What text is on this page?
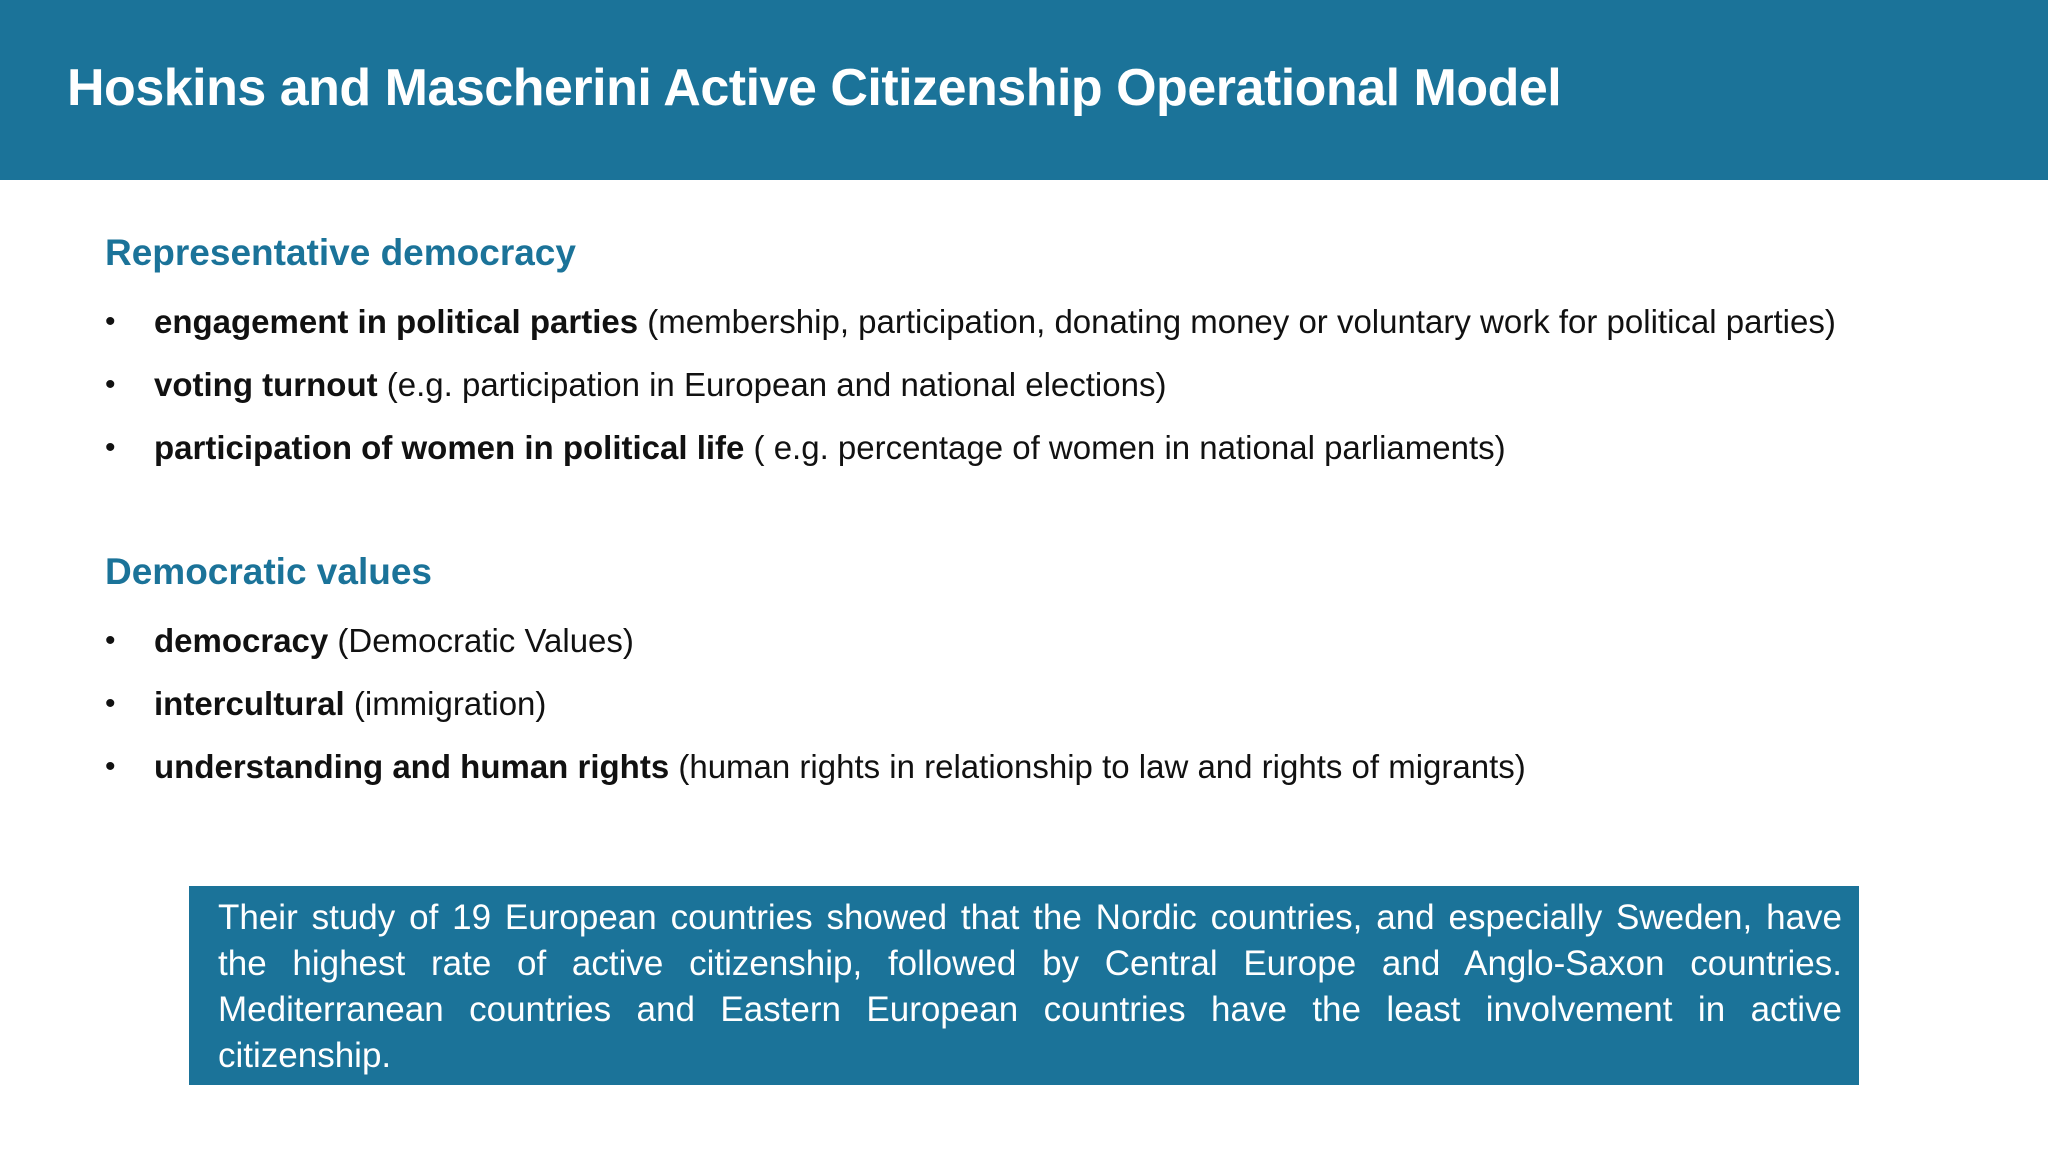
Hoskins and Mascherini Active Citizenship Operational Model
Representative democracy
• engagement in political parties (membership, participation, donating money or voluntary work for political parties)
• voting turnout (e.g. participation in European and national elections)
• participation of women in political life ( e.g. percentage of women in national parliaments)
Democratic values
• democracy (Democratic Values)
• intercultural (immigration)
• understanding and human rights (human rights in relationship to law and rights of migrants)

Their study of 19 European countries showed that the Nordic countries, and especially Sweden, have the highest rate of active citizenship, followed by Central Europe and Anglo-Saxon countries. Mediterranean countries and Eastern European countries have the least involvement in active citizenship.
